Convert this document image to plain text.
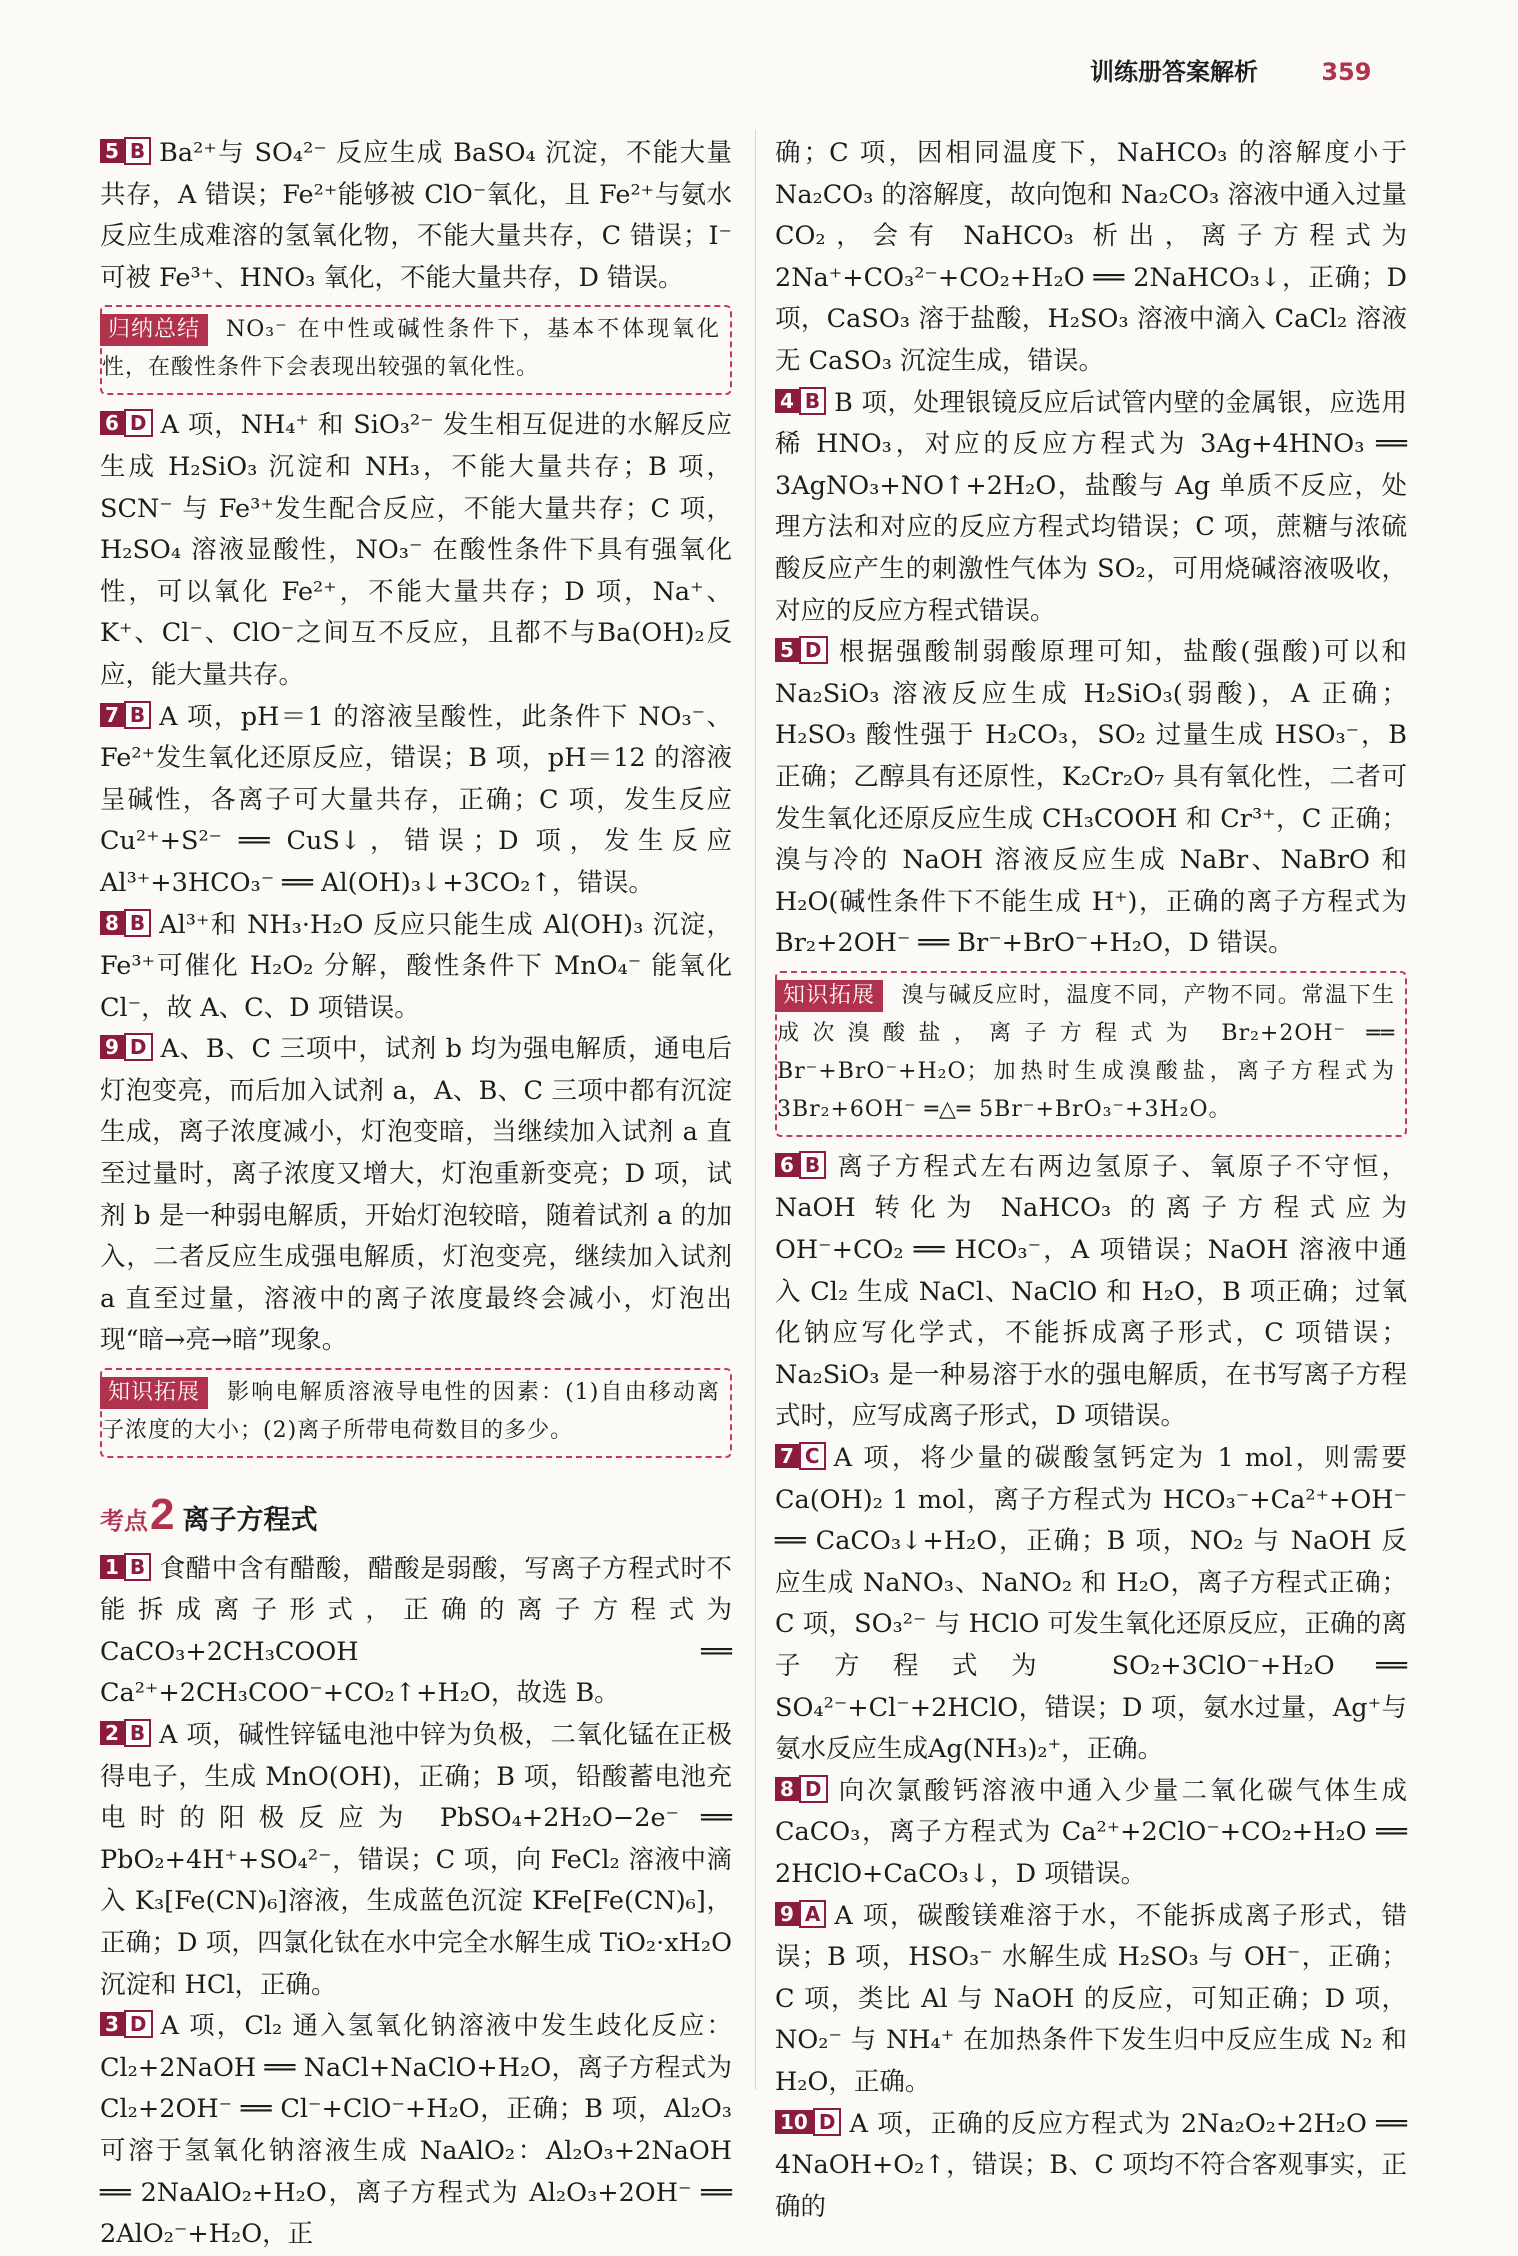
训练册答案解析	359
5 B Ba²⁺与 SO₄²⁻ 反应生成 BaSO₄ 沉淀，不能大量共存，A 错误；Fe²⁺能够被 ClO⁻氧化，且 Fe²⁺与氨水反应生成难溶的氢氧化物，不能大量共存，C 错误；I⁻可被 Fe³⁺、HNO₃ 氧化，不能大量共存，D 错误。
归纳总结 NO₃⁻ 在中性或碱性条件下，基本不体现氧化性，在酸性条件下会表现出较强的氧化性。
6 D A 项，NH₄⁺ 和 SiO₃²⁻ 发生相互促进的水解反应生成 H₂SiO₃ 沉淀和 NH₃，不能大量共存；B 项，SCN⁻ 与 Fe³⁺发生配合反应，不能大量共存；C 项，H₂SO₄ 溶液显酸性，NO₃⁻ 在酸性条件下具有强氧化性，可以氧化 Fe²⁺，不能大量共存；D 项，Na⁺、K⁺、Cl⁻、ClO⁻之间互不反应，且都不与Ba(OH)₂反应，能大量共存。
7 B A 项，pH＝1 的溶液呈酸性，此条件下 NO₃⁻、Fe²⁺发生氧化还原反应，错误；B 项，pH＝12 的溶液呈碱性，各离子可大量共存，正确；C 项，发生反应 Cu²⁺+S²⁻ ══ CuS↓，错误；D 项，发生反应Al³⁺+3HCO₃⁻ ══ Al(OH)₃↓+3CO₂↑，错误。
8 B Al³⁺和 NH₃·H₂O 反应只能生成 Al(OH)₃ 沉淀，Fe³⁺可催化 H₂O₂ 分解，酸性条件下 MnO₄⁻ 能氧化 Cl⁻，故 A、C、D 项错误。
9 D A、B、C 三项中，试剂 b 均为强电解质，通电后灯泡变亮，而后加入试剂 a，A、B、C 三项中都有沉淀生成，离子浓度减小，灯泡变暗，当继续加入试剂 a 直至过量时，离子浓度又增大，灯泡重新变亮；D 项，试剂 b 是一种弱电解质，开始灯泡较暗，随着试剂 a 的加入，二者反应生成强电解质，灯泡变亮，继续加入试剂 a 直至过量，溶液中的离子浓度最终会减小，灯泡出现“暗→亮→暗”现象。
知识拓展 影响电解质溶液导电性的因素：(1)自由移动离子浓度的大小；(2)离子所带电荷数目的多少。
考点2 离子方程式
1 B 食醋中含有醋酸，醋酸是弱酸，写离子方程式时不能拆成离子形式，正确的离子方程式为 CaCO₃+2CH₃COOH ══ Ca²⁺+2CH₃COO⁻+CO₂↑+H₂O，故选 B。
2 B A 项，碱性锌锰电池中锌为负极，二氧化锰在正极得电子，生成 MnO(OH)，正确；B 项，铅酸蓄电池充电时的阳极反应为 PbSO₄+2H₂O−2e⁻ ══ PbO₂+4H⁺+SO₄²⁻，错误；C 项，向 FeCl₂ 溶液中滴入 K₃[Fe(CN)₆]溶液，生成蓝色沉淀 KFe[Fe(CN)₆]，正确；D 项，四氯化钛在水中完全水解生成 TiO₂·xH₂O 沉淀和 HCl，正确。
3 D A 项，Cl₂ 通入氢氧化钠溶液中发生歧化反应：Cl₂+2NaOH ══ NaCl+NaClO+H₂O，离子方程式为 Cl₂+2OH⁻ ══ Cl⁻+ClO⁻+H₂O，正确；B 项，Al₂O₃ 可溶于氢氧化钠溶液生成 NaAlO₂：Al₂O₃+2NaOH ══ 2NaAlO₂+H₂O，离子方程式为 Al₂O₃+2OH⁻ ══ 2AlO₂⁻+H₂O，正
确；C 项，因相同温度下，NaHCO₃ 的溶解度小于 Na₂CO₃ 的溶解度，故向饱和 Na₂CO₃ 溶液中通入过量 CO₂，会有 NaHCO₃ 析出，离子方程式为 2Na⁺+CO₃²⁻+CO₂+H₂O ══ 2NaHCO₃↓，正确；D 项，CaSO₃ 溶于盐酸，H₂SO₃ 溶液中滴入 CaCl₂ 溶液无 CaSO₃ 沉淀生成，错误。
4 B B 项，处理银镜反应后试管内壁的金属银，应选用稀 HNO₃，对应的反应方程式为 3Ag+4HNO₃ ══ 3AgNO₃+NO↑+2H₂O，盐酸与 Ag 单质不反应，处理方法和对应的反应方程式均错误；C 项，蔗糖与浓硫酸反应产生的刺激性气体为 SO₂，可用烧碱溶液吸收，对应的反应方程式错误。
5 D 根据强酸制弱酸原理可知，盐酸(强酸)可以和 Na₂SiO₃ 溶液反应生成 H₂SiO₃(弱酸)，A 正确；H₂SO₃ 酸性强于 H₂CO₃，SO₂ 过量生成 HSO₃⁻，B 正确；乙醇具有还原性，K₂Cr₂O₇ 具有氧化性，二者可发生氧化还原反应生成 CH₃COOH 和 Cr³⁺，C 正确；溴与冷的 NaOH 溶液反应生成 NaBr、NaBrO 和 H₂O(碱性条件下不能生成 H⁺)，正确的离子方程式为 Br₂+2OH⁻ ══ Br⁻+BrO⁻+H₂O，D 错误。
知识拓展 溴与碱反应时，温度不同，产物不同。常温下生成次溴酸盐，离子方程式为 Br₂+2OH⁻ ══ Br⁻+BrO⁻+H₂O；加热时生成溴酸盐，离子方程式为3Br₂+6OH⁻ ═△═ 5Br⁻+BrO₃⁻+3H₂O。
6 B 离子方程式左右两边氢原子、氧原子不守恒，NaOH 转化为 NaHCO₃ 的离子方程式应为 OH⁻+CO₂ ══ HCO₃⁻，A 项错误；NaOH 溶液中通入 Cl₂ 生成 NaCl、NaClO 和 H₂O，B 项正确；过氧化钠应写化学式，不能拆成离子形式，C 项错误；Na₂SiO₃ 是一种易溶于水的强电解质，在书写离子方程式时，应写成离子形式，D 项错误。
7 C A 项，将少量的碳酸氢钙定为 1 mol，则需要 Ca(OH)₂ 1 mol，离子方程式为 HCO₃⁻+Ca²⁺+OH⁻ ══ CaCO₃↓+H₂O，正确；B 项，NO₂ 与 NaOH 反应生成 NaNO₃、NaNO₂ 和 H₂O，离子方程式正确；C 项，SO₃²⁻ 与 HClO 可发生氧化还原反应，正确的离子方程式为 SO₂+3ClO⁻+H₂O ══ SO₄²⁻+Cl⁻+2HClO，错误；D 项，氨水过量，Ag⁺与氨水反应生成Ag(NH₃)₂⁺，正确。
8 D 向次氯酸钙溶液中通入少量二氧化碳气体生成 CaCO₃，离子方程式为 Ca²⁺+2ClO⁻+CO₂+H₂O ══ 2HClO+CaCO₃↓，D 项错误。
9 A A 项，碳酸镁难溶于水，不能拆成离子形式，错误；B 项，HSO₃⁻ 水解生成 H₂SO₃ 与 OH⁻，正确；C 项，类比 Al 与 NaOH 的反应，可知正确；D 项，NO₂⁻ 与 NH₄⁺ 在加热条件下发生归中反应生成 N₂ 和 H₂O，正确。
10 D A 项，正确的反应方程式为 2Na₂O₂+2H₂O ══ 4NaOH+O₂↑，错误；B、C 项均不符合客观事实，正确的
